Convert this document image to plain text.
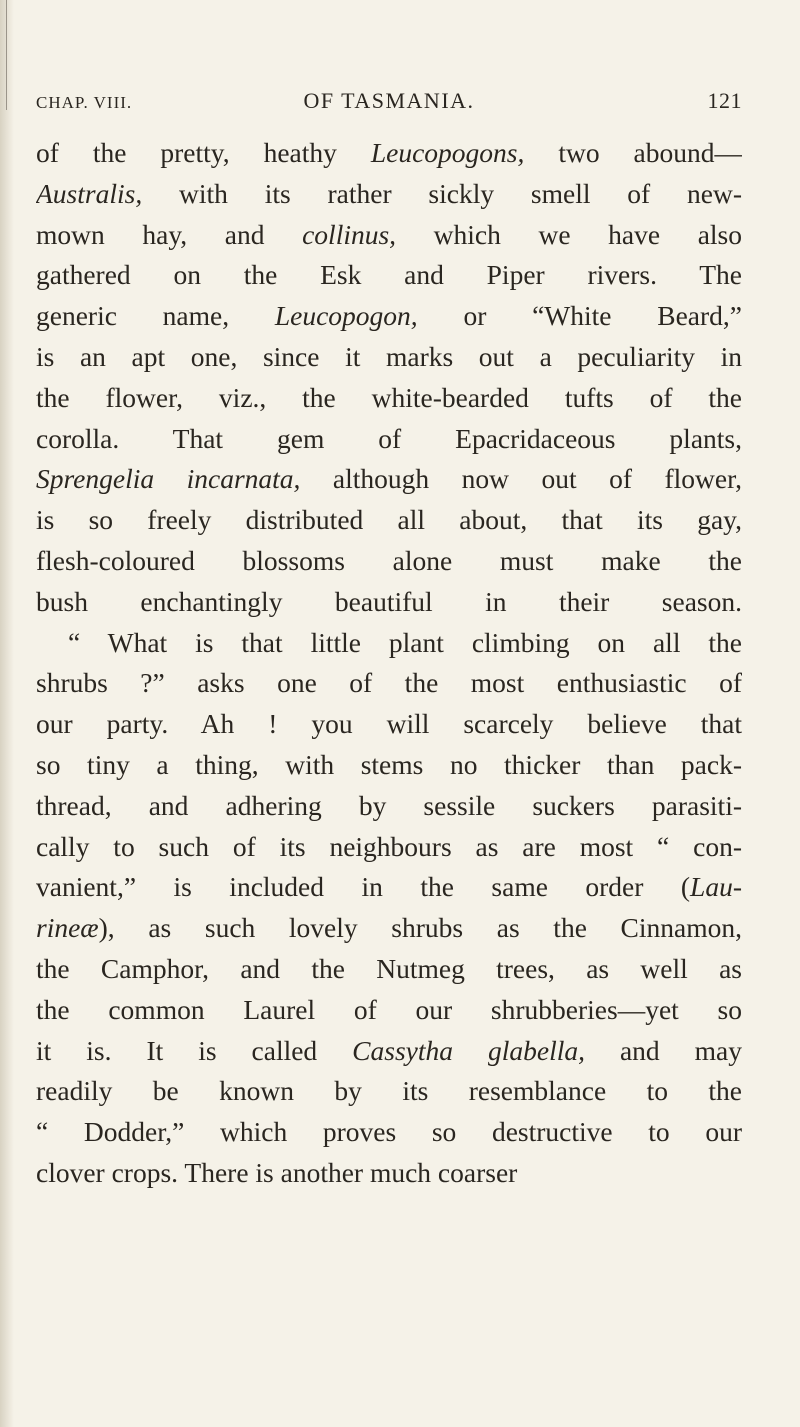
CHAP. VIII.	OF TASMANIA.	121
of the pretty, heathy Leucopogons, two abound—
Australis, with its rather sickly smell of new-
mown hay, and collinus, which we have also
gathered on the Esk and Piper rivers. The
generic name, Leucopogon, or “White Beard,”
is an apt one, since it marks out a peculiarity in
the flower, viz., the white-bearded tufts of the
corolla. That gem of Epacridaceous plants,
Sprengelia incarnata, although now out of flower,
is so freely distributed all about, that its gay,
flesh-coloured blossoms alone must make the
bush enchantingly beautiful in their season.
“ What is that little plant climbing on all the
shrubs ?” asks one of the most enthusiastic of
our party. Ah ! you will scarcely believe that
so tiny a thing, with stems no thicker than pack-
thread, and adhering by sessile suckers parasiti-
cally to such of its neighbours as are most “ con-
vanient,” is included in the same order (Lau-
rineæ), as such lovely shrubs as the Cinnamon,
the Camphor, and the Nutmeg trees, as well as
the common Laurel of our shrubberies—yet so
it is. It is called Cassytha glabella, and may
readily be known by its resemblance to the
“ Dodder,” which proves so destructive to our
clover crops. There is another much coarser
